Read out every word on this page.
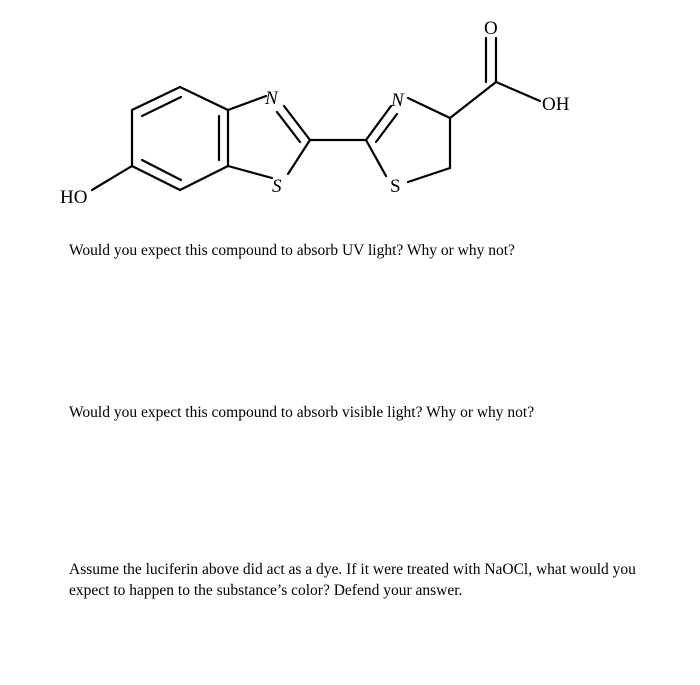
N
S
N
S
O
OH
HO

Would you expect this compound to absorb UV light? Why or why not?

Would you expect this compound to absorb visible light? Why or why not?

Assume the luciferin above did act as a dye. If it were treated with NaOCl, what would you expect to happen to the substance’s color? Defend your answer.
